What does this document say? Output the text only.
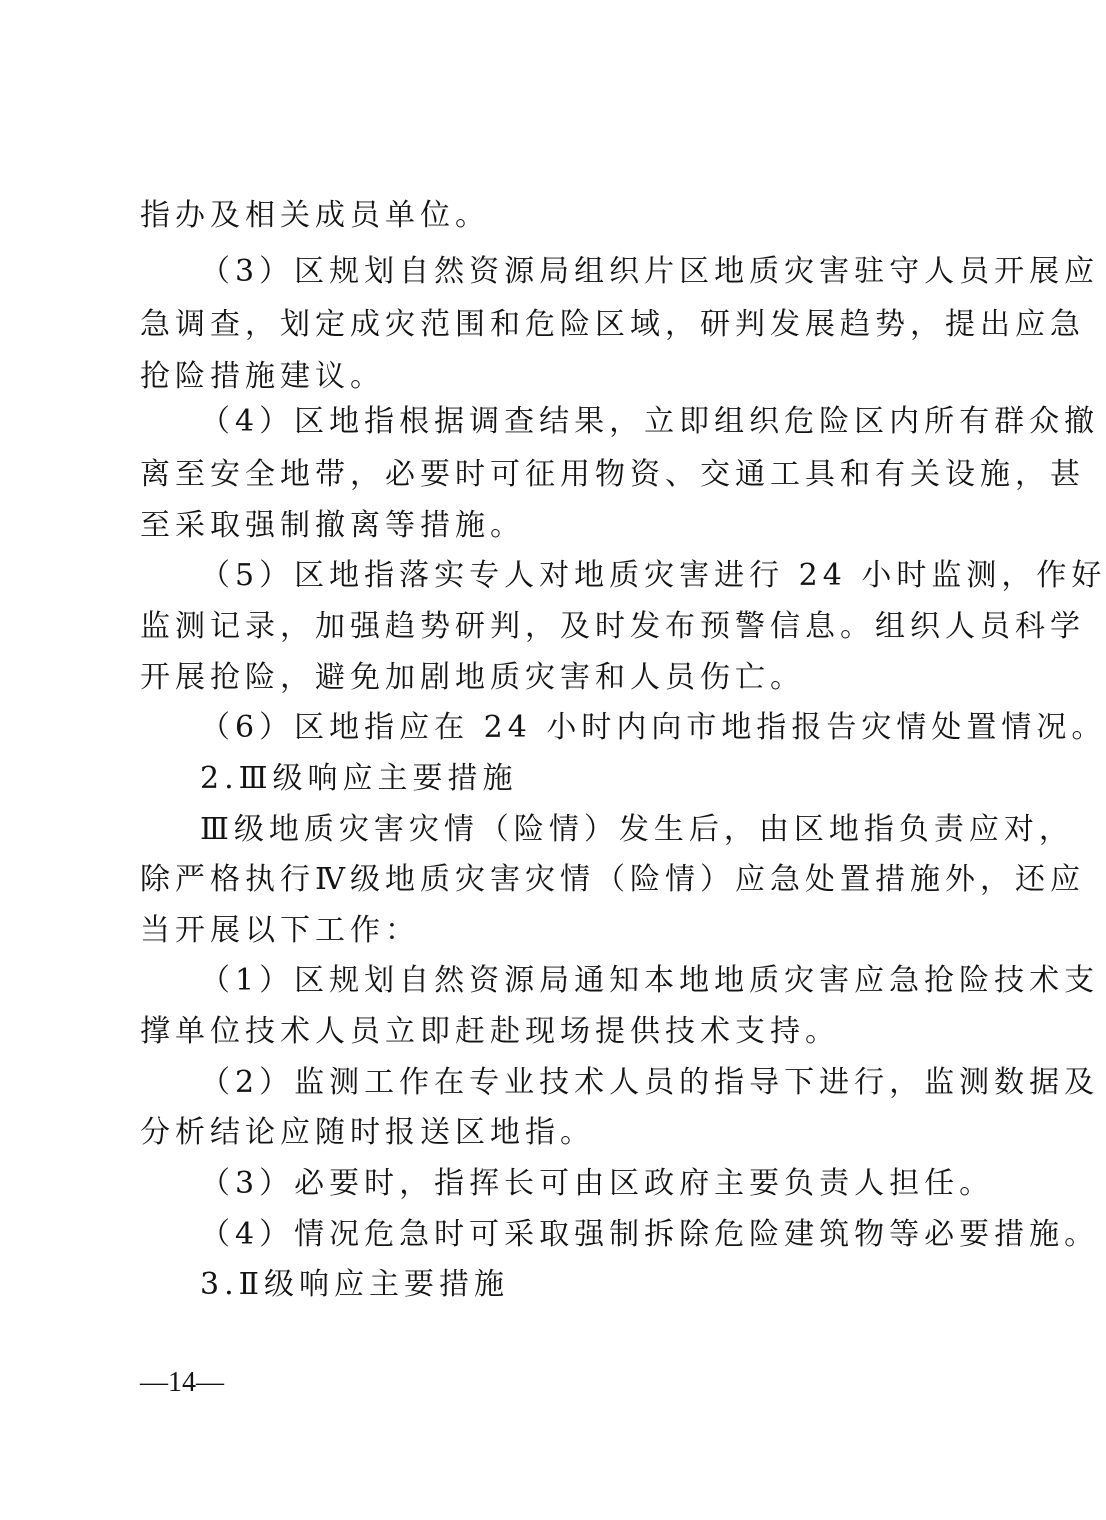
指办及相关成员单位。
（3）区规划自然资源局组织片区地质灾害驻守人员开展应
急调查，划定成灾范围和危险区域，研判发展趋势，提出应急
抢险措施建议。
（4）区地指根据调查结果，立即组织危险区内所有群众撤
离至安全地带，必要时可征用物资、交通工具和有关设施，甚
至采取强制撤离等措施。
（5）区地指落实专人对地质灾害进行 24 小时监测，作好
监测记录，加强趋势研判，及时发布预警信息。组织人员科学
开展抢险，避免加剧地质灾害和人员伤亡。
（6）区地指应在 24 小时内向市地指报告灾情处置情况。
2.Ⅲ级响应主要措施
Ⅲ级地质灾害灾情（险情）发生后，由区地指负责应对，
除严格执行Ⅳ级地质灾害灾情（险情）应急处置措施外，还应
当开展以下工作：
（1）区规划自然资源局通知本地地质灾害应急抢险技术支
撑单位技术人员立即赶赴现场提供技术支持。
（2）监测工作在专业技术人员的指导下进行，监测数据及
分析结论应随时报送区地指。
（3）必要时，指挥长可由区政府主要负责人担任。
（4）情况危急时可采取强制拆除危险建筑物等必要措施。
3.Ⅱ级响应主要措施
—14—
